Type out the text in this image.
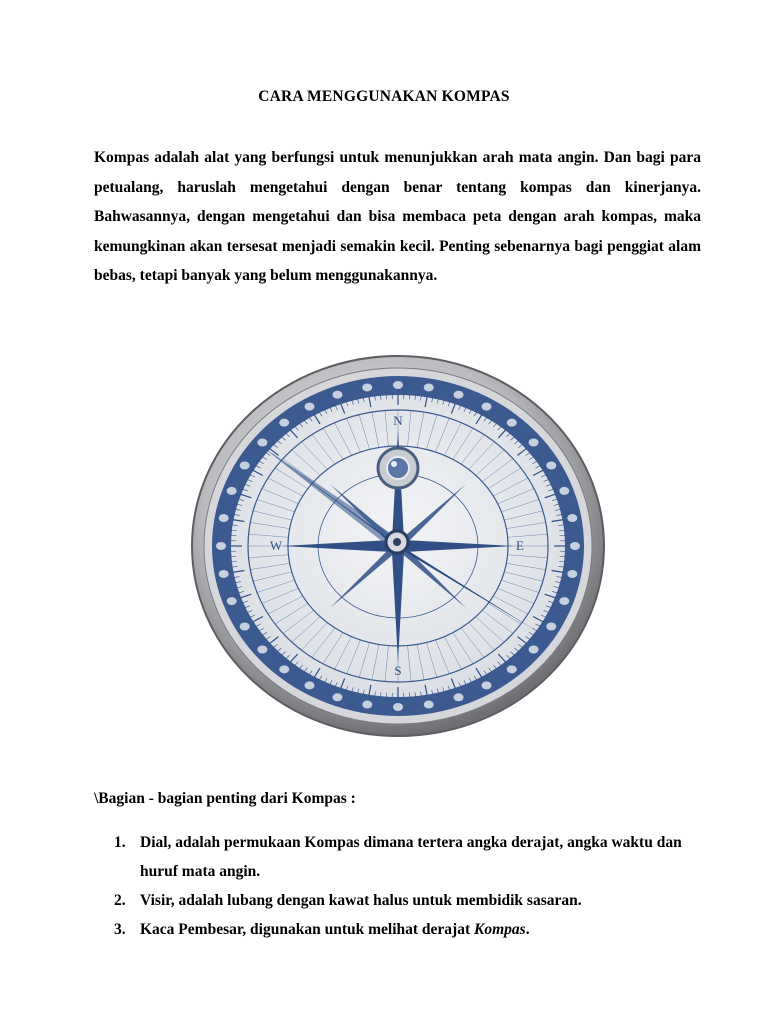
CARA MENGGUNAKAN KOMPAS

Kompas adalah alat yang berfungsi untuk menunjukkan arah mata angin. Dan bagi para petualang, haruslah mengetahui dengan benar tentang kompas dan kinerjanya. Bahwasannya, dengan mengetahui dan bisa membaca peta dengan arah kompas, maka kemungkinan akan tersesat menjadi semakin kecil. Penting sebenarnya bagi penggiat alam bebas, tetapi banyak yang belum menggunakannya.

N
E
S
W
\Bagian - bagian penting dari Kompas :
1. Dial, adalah permukaan Kompas dimana tertera angka derajat, angka waktu dan huruf mata angin.
2. Visir, adalah lubang dengan kawat halus untuk membidik sasaran.
3. Kaca Pembesar, digunakan untuk melihat derajat Kompas.
